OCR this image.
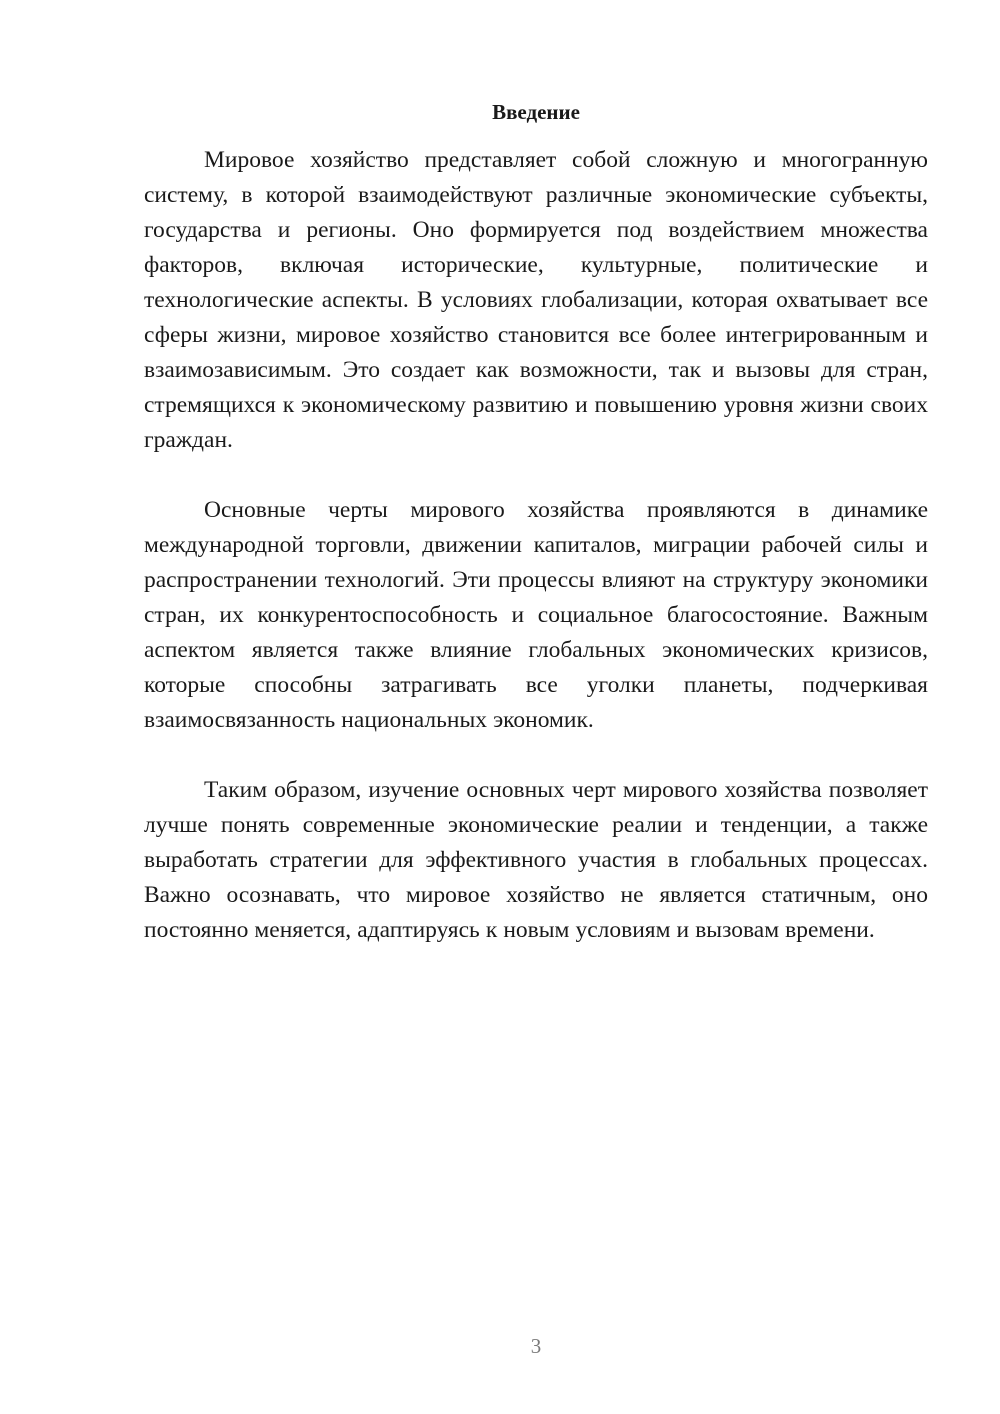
Введение

Мировое хозяйство представляет собой сложную и многогранную систему, в которой взаимодействуют различные экономические субъекты, государства и регионы. Оно формируется под воздействием множества факторов, включая исторические, культурные, политические и технологические аспекты. В условиях глобализации, которая охватывает все сферы жизни, мировое хозяйство становится все более интегрированным и взаимозависимым. Это создает как возможности, так и вызовы для стран, стремящихся к экономическому развитию и повышению уровня жизни своих граждан.

Основные черты мирового хозяйства проявляются в динамике международной торговли, движении капиталов, миграции рабочей силы и распространении технологий. Эти процессы влияют на структуру экономики стран, их конкурентоспособность и социальное благосостояние. Важным аспектом является также влияние глобальных экономических кризисов, которые способны затрагивать все уголки планеты, подчеркивая взаимосвязанность национальных экономик.

Таким образом, изучение основных черт мирового хозяйства позволяет лучше понять современные экономические реалии и тенденции, а также выработать стратегии для эффективного участия в глобальных процессах. Важно осознавать, что мировое хозяйство не является статичным, оно постоянно меняется, адаптируясь к новым условиям и вызовам времени.

3
